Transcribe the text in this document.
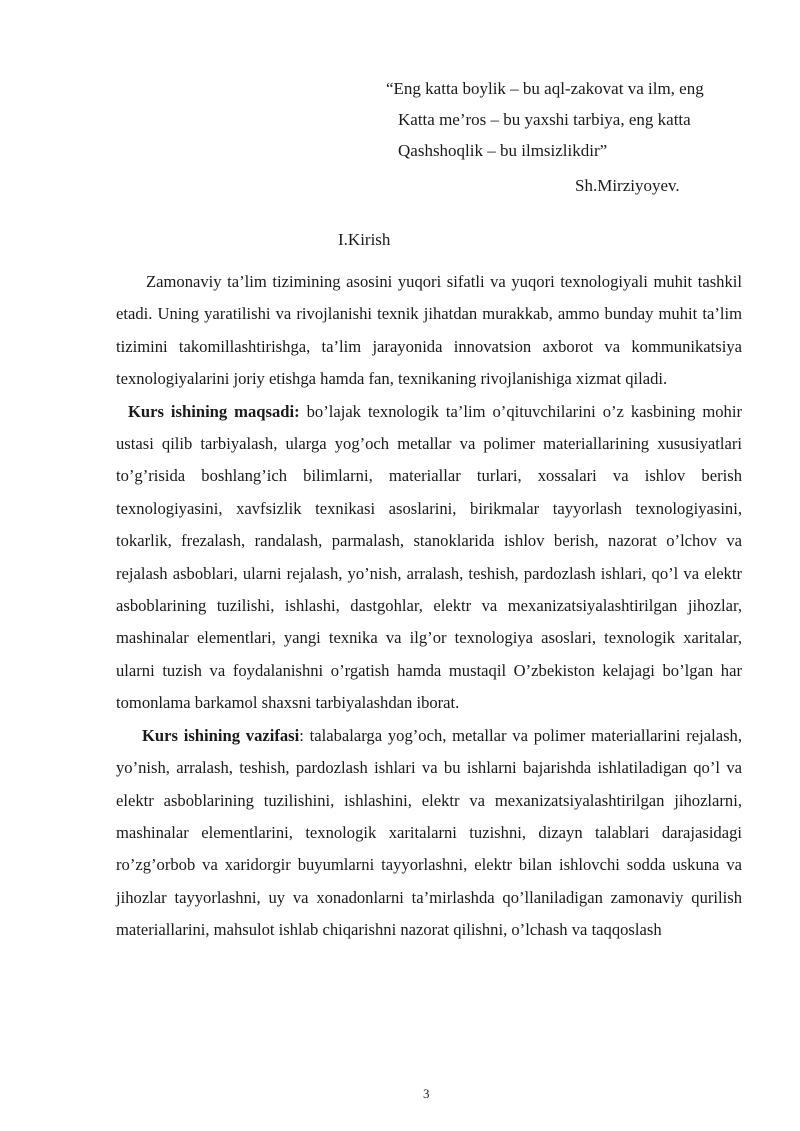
“Eng katta boylik – bu aql-zakovat va ilm, eng
Katta me’ros – bu yaxshi tarbiya, eng katta
Qashshoqlik – bu ilmsizlikdir”
Sh.Mirziyoyev.
I.Kirish

Zamonaviy ta’lim tizimining asosini yuqori sifatli va yuqori texnologiyali muhit tashkil etadi. Uning yaratilishi va rivojlanishi texnik jihatdan murakkab, ammo bunday muhit ta’lim tizimini takomillashtirishga, ta’lim jarayonida innovatsion axborot va kommunikatsiya texnologiyalarini joriy etishga hamda fan, texnikaning rivojlanishiga xizmat qiladi.

Kurs ishining maqsadi: bo’lajak texnologik ta’lim o’qituvchilarini o’z kasbining mohir ustasi qilib tarbiyalash, ularga yog’och metallar va polimer materiallarining xususiyatlari to’g’risida boshlang’ich bilimlarni, materiallar turlari, xossalari va ishlov berish texnologiyasini, xavfsizlik texnikasi asoslarini, birikmalar tayyorlash texnologiyasini, tokarlik, frezalash, randalash, parmalash, stanoklarida ishlov berish, nazorat o’lchov va rejalash asboblari, ularni rejalash, yo’nish, arralash, teshish, pardozlash ishlari, qo’l va elektr asboblarining tuzilishi, ishlashi, dastgohlar, elektr va mexanizatsiyalashtirilgan jihozlar, mashinalar elementlari, yangi texnika va ilg’or texnologiya asoslari, texnologik xaritalar, ularni tuzish va foydalanishni o’rgatish hamda mustaqil O’zbekiston kelajagi bo’lgan har tomonlama barkamol shaxsni tarbiyalashdan iborat.

Kurs ishining vazifasi: talabalarga yog’och, metallar va polimer materiallarini rejalash, yo’nish, arralash, teshish, pardozlash ishlari va bu ishlarni bajarishda ishlatiladigan qo’l va elektr asboblarining tuzilishini, ishlashini, elektr va mexanizatsiyalashtirilgan jihozlarni, mashinalar elementlarini, texnologik xaritalarni tuzishni, dizayn talablari darajasidagi ro’zg’orbob va xaridorgir buyumlarni tayyorlashni, elektr bilan ishlovchi sodda uskuna va jihozlar tayyorlashni, uy va xonadonlarni ta’mirlashda qo’llaniladigan zamonaviy qurilish materiallarini, mahsulot ishlab chiqarishni nazorat qilishni, o’lchash va taqqoslash

3
